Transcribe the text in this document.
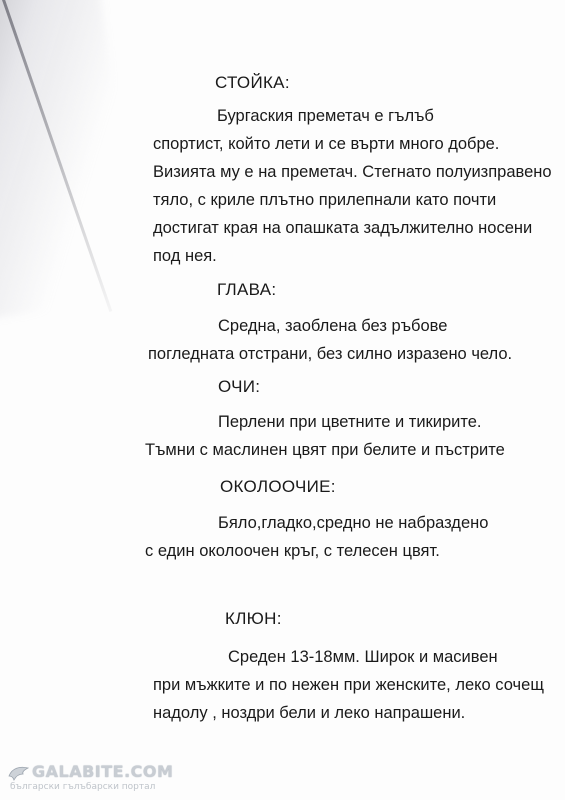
СТОЙКА:
Бургаския преметач е гълъб
спортист, който лети и се върти много добре.
Визията му е на преметач. Стегнато полуизправено
тяло, с криле плътно прилепнали като почти
достигат края на опашката задължително носени
под нея.
ГЛАВА:
Средна, заоблена без ръбове
погледната отстрани, без силно изразено чело.
ОЧИ:
Перлени при цветните и тикирите.
Тъмни с маслинен цвят при белите и пъстрите
ОКОЛООЧИЕ:
Бяло,гладко,средно не набраздено
с един околоочен кръг, с телесен цвят.
КЛЮН:
Среден 13-18мм. Широк и масивен
при мъжките и по нежен при женските, леко сочещ
надолу , ноздри бели и леко напрашени.
GALABITE.COM
български гълъбарски портал
